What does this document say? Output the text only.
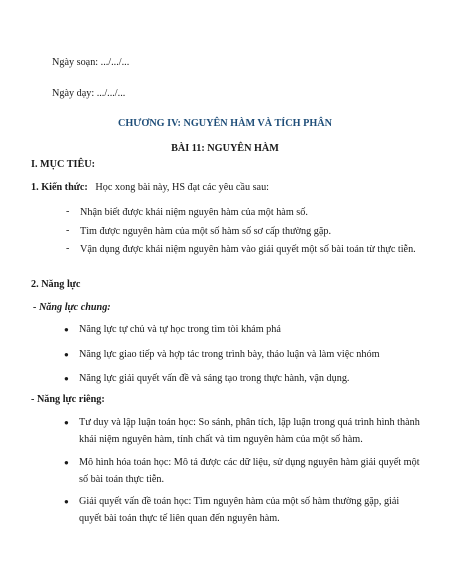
Ngày soạn: .../.../...
Ngày dạy: .../.../...
CHƯƠNG IV: NGUYÊN HÀM VÀ TÍCH PHÂN
BÀI 11: NGUYÊN HÀM
I. MỤC TIÊU:
1. Kiến thức: Học xong bài này, HS đạt các yêu cầu sau:
- Nhận biết được khái niệm nguyên hàm của một hàm số.
- Tìm được nguyên hàm của một số hàm số sơ cấp thường gặp.
- Vận dụng được khái niệm nguyên hàm vào giải quyết một số bài toán từ thực tiễn.
2. Năng lực
- Năng lực chung:
● Năng lực tự chủ và tự học trong tìm tòi khám phá
● Năng lực giao tiếp và hợp tác trong trình bày, thảo luận và làm việc nhóm
● Năng lực giải quyết vấn đề và sáng tạo trong thực hành, vận dụng.
- Năng lực riêng:
● Tư duy và lập luận toán học: So sánh, phân tích, lập luận trong quá trình hình thành khái niệm nguyên hàm, tính chất và tìm nguyên hàm của một số hàm.
● Mô hình hóa toán học: Mô tả được các dữ liệu, sử dụng nguyên hàm giải quyết một số bài toán thực tiễn.
● Giải quyết vấn đề toán học: Tìm nguyên hàm của một số hàm thường gặp, giải quyết bài toán thực tế liên quan đến nguyên hàm.
